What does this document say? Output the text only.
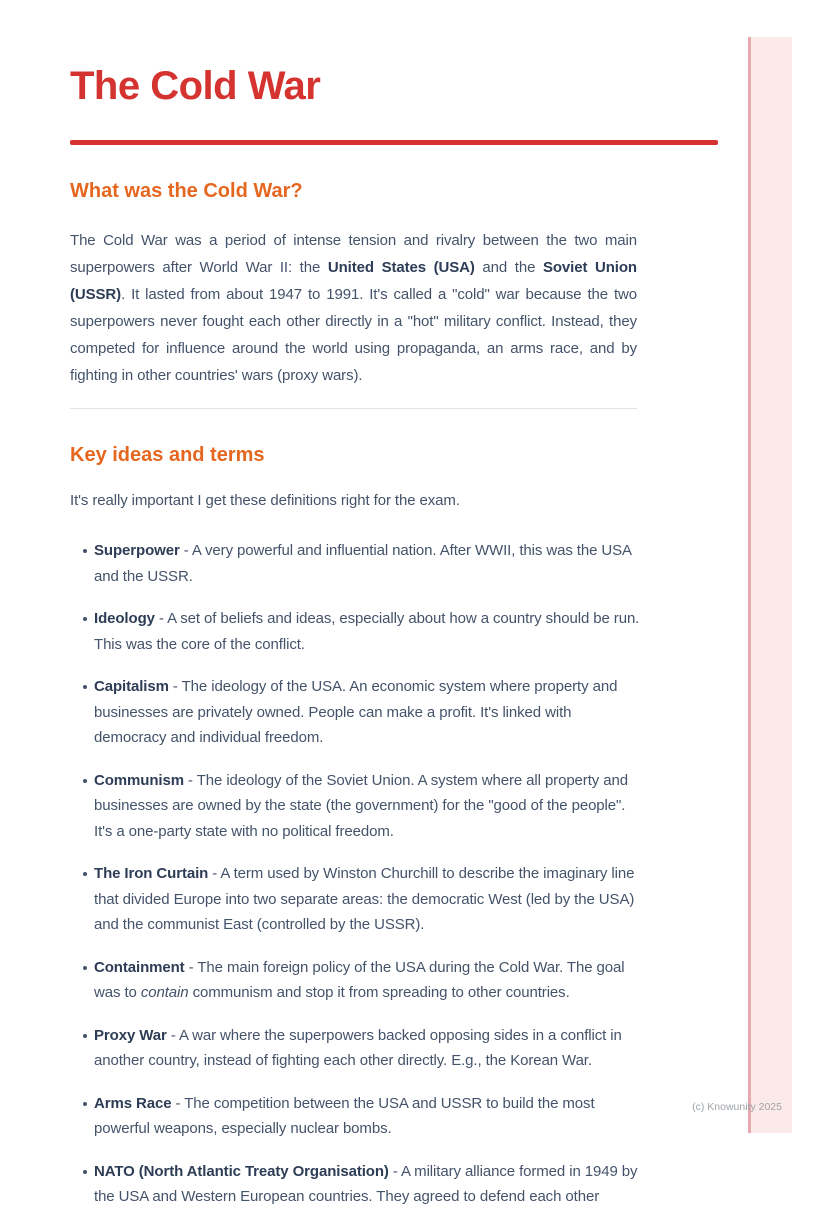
The Cold War
What was the Cold War?

The Cold War was a period of intense tension and rivalry between the two main superpowers after World War II: the United States (USA) and the Soviet Union (USSR). It lasted from about 1947 to 1991. It's called a "cold" war because the two superpowers never fought each other directly in a "hot" military conflict. Instead, they competed for influence around the world using propaganda, an arms race, and by fighting in other countries' wars (proxy wars).

Key ideas and terms
It's really important I get these definitions right for the exam.
Superpower - A very powerful and influential nation. After WWII, this was the USA and the USSR.
Ideology - A set of beliefs and ideas, especially about how a country should be run. This was the core of the conflict.
Capitalism - The ideology of the USA. An economic system where property and businesses are privately owned. People can make a profit. It's linked with democracy and individual freedom.
Communism - The ideology of the Soviet Union. A system where all property and businesses are owned by the state (the government) for the "good of the people". It's a one-party state with no political freedom.
The Iron Curtain - A term used by Winston Churchill to describe the imaginary line that divided Europe into two separate areas: the democratic West (led by the USA) and the communist East (controlled by the USSR).
Containment - The main foreign policy of the USA during the Cold War. The goal was to contain communism and stop it from spreading to other countries.
Proxy War - A war where the superpowers backed opposing sides in a conflict in another country, instead of fighting each other directly. E.g., the Korean War.
Arms Race - The competition between the USA and USSR to build the most powerful weapons, especially nuclear bombs.
NATO (North Atlantic Treaty Organisation) - A military alliance formed in 1949 by the USA and Western European countries. They agreed to defend each other
(c) Knowunity 2025
